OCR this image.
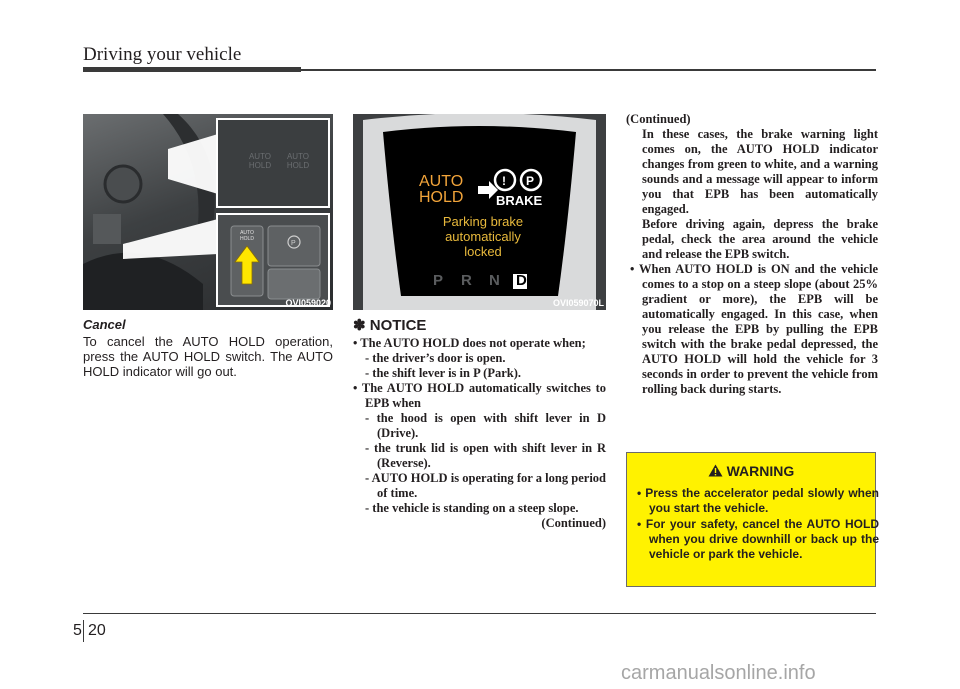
Driving your vehicle
P
AUTO HOLD
AUTO HOLD
AUTO HOLD
OVI059020
! P
AUTO HOLD	BRAKE
Parking brake
automatically
locked
P R N D
OVI059070L
Cancel
To cancel the AUTO HOLD operation, press the AUTO HOLD switch. The AUTO HOLD indicator will go out.
✽ NOTICE
• The AUTO HOLD does not operate when;
- the driver’s door is open.
- the shift lever is in P (Park).
• The AUTO HOLD automatically switches to EPB when
- the hood is open with shift lever in D (Drive).
- the trunk lid is open with shift lever in R (Reverse).
- AUTO HOLD is operating for a long period of time.
- the vehicle is standing on a steep slope.
(Continued)
(Continued)
In these cases, the brake warning light comes on, the AUTO HOLD indicator changes from green to white, and a warning sounds and a message will appear to inform you that EPB has been automatically engaged.
Before driving again, depress the brake pedal, check the area around the vehicle and release the EPB switch.
• When AUTO HOLD is ON and the vehicle comes to a stop on a steep slope (about 25% gradient or more), the EPB will be automatically engaged. In this case, when you release the EPB by pulling the EPB switch with the brake pedal depressed, the AUTO HOLD will hold the vehicle for 3 seconds in order to prevent the vehicle from rolling back during starts.
WARNING
• Press the accelerator pedal slowly when you start the vehicle.
• For your safety, cancel the AUTO HOLD when you drive downhill or back up the vehicle or park the vehicle.
5 20
carmanualsonline.info
